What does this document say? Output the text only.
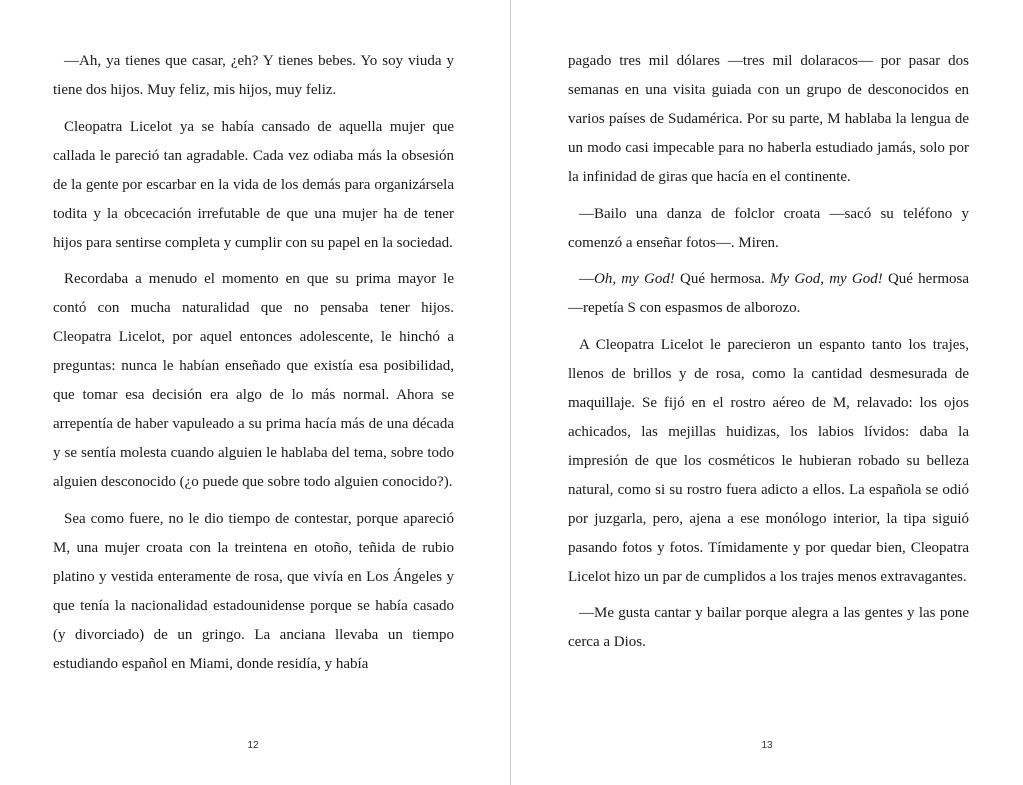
—Ah, ya tienes que casar, ¿eh? Y tienes bebes. Yo soy viuda y tiene dos hijos. Muy feliz, mis hijos, muy feliz.

Cleopatra Licelot ya se había cansado de aquella mujer que callada le pareció tan agradable. Cada vez odiaba más la obsesión de la gente por escarbar en la vida de los demás para organizársela todita y la obcecación irrefutable de que una mujer ha de tener hijos para sentirse completa y cumplir con su papel en la sociedad.

Recordaba a menudo el momento en que su prima mayor le contó con mucha naturalidad que no pensaba tener hijos. Cleopatra Licelot, por aquel entonces adolescente, le hinchó a preguntas: nunca le habían enseñado que existía esa posibilidad, que tomar esa decisión era algo de lo más normal. Ahora se arrepentía de haber vapuleado a su prima hacía más de una década y se sentía molesta cuando alguien le hablaba del tema, sobre todo alguien desconocido (¿o puede que sobre todo alguien conocido?).

Sea como fuere, no le dio tiempo de contestar, porque apareció M, una mujer croata con la treintena en otoño, teñida de rubio platino y vestida enteramente de rosa, que vivía en Los Ángeles y que tenía la nacionalidad estadounidense porque se había casado (y divorciado) de un gringo. La anciana llevaba un tiempo estudiando español en Miami, donde residía, y había

12

pagado tres mil dólares —tres mil dolaracos— por pasar dos semanas en una visita guiada con un grupo de desconocidos en varios países de Sudamérica. Por su parte, M hablaba la lengua de un modo casi impecable para no haberla estudiado jamás, solo por la infinidad de giras que hacía en el continente.

—Bailo una danza de folclor croata —sacó su teléfono y comenzó a enseñar fotos—. Miren.

—Oh, my God! Qué hermosa. My God, my God! Qué hermosa —repetía S con espasmos de alborozo.

A Cleopatra Licelot le parecieron un espanto tanto los trajes, llenos de brillos y de rosa, como la cantidad desmesurada de maquillaje. Se fijó en el rostro aéreo de M, relavado: los ojos achicados, las mejillas huidizas, los labios lívidos: daba la impresión de que los cosméticos le hubieran robado su belleza natural, como si su rostro fuera adicto a ellos. La española se odió por juzgarla, pero, ajena a ese monólogo interior, la tipa siguió pasando fotos y fotos. Tímidamente y por quedar bien, Cleopatra Licelot hizo un par de cumplidos a los trajes menos extravagantes.

—Me gusta cantar y bailar porque alegra a las gentes y las pone cerca a Dios.

13
